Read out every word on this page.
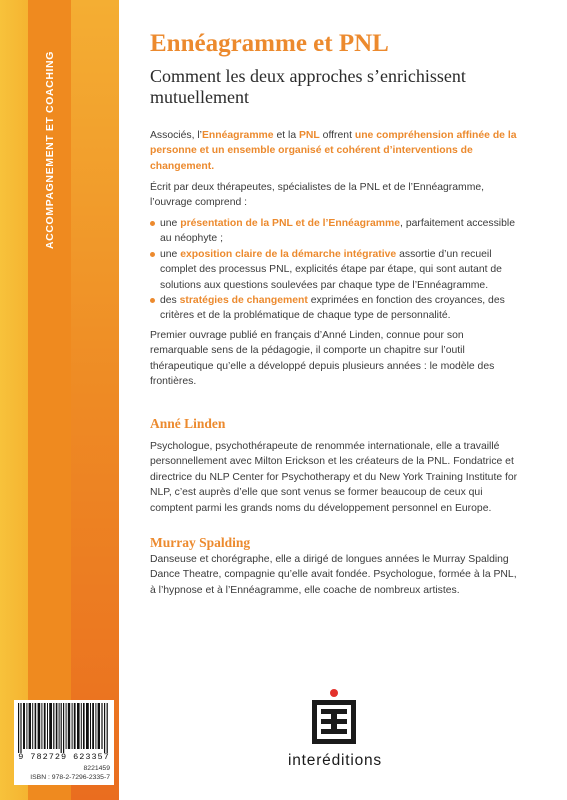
ACCOMPAGNEMENT ET COACHING
Ennéagramme et PNL

Comment les deux approches s’enrichissent mutuellement

Associés, l’Ennéagramme et la PNL offrent une compréhension affinée de la personne et un ensemble organisé et cohérent d’interventions de changement.

Écrit par deux thérapeutes, spécialistes de la PNL et de l’Ennéagramme, l’ouvrage comprend :

une présentation de la PNL et de l’Ennéagramme, parfaitement accessible au néophyte ;
une exposition claire de la démarche intégrative assortie d’un recueil complet des processus PNL, explicités étape par étape, qui sont autant de solutions aux questions soulevées par chaque type de l’Ennéagramme.
des stratégies de changement exprimées en fonction des croyances, des critères et de la problématique de chaque type de personnalité.

Premier ouvrage publié en français d’Anné Linden, connue pour son remarquable sens de la pédagogie, il comporte un chapitre sur l’outil thérapeutique qu’elle a développé depuis plusieurs années : le modèle des frontières.

Anné Linden

Psychologue, psychothérapeute de renommée internationale, elle a travaillé personnellement avec Milton Erickson et les créateurs de la PNL. Fondatrice et directrice du NLP Center for Psychotherapy et du New York Training Institute for NLP, c’est auprès d’elle que sont venus se former beaucoup de ceux qui comptent parmi les grands noms du développement personnel en Europe.

Murray Spalding

Danseuse et chorégraphe, elle a dirigé de longues années le Murray Spalding Dance Theatre, compagnie qu’elle avait fondée. Psychologue, formée à la PNL, à l’hypnose et à l’Ennéagramme, elle coache de nombreux artistes.

9 782729 623357
8221459
ISBN : 978-2-7296-2335-7

interéditions
